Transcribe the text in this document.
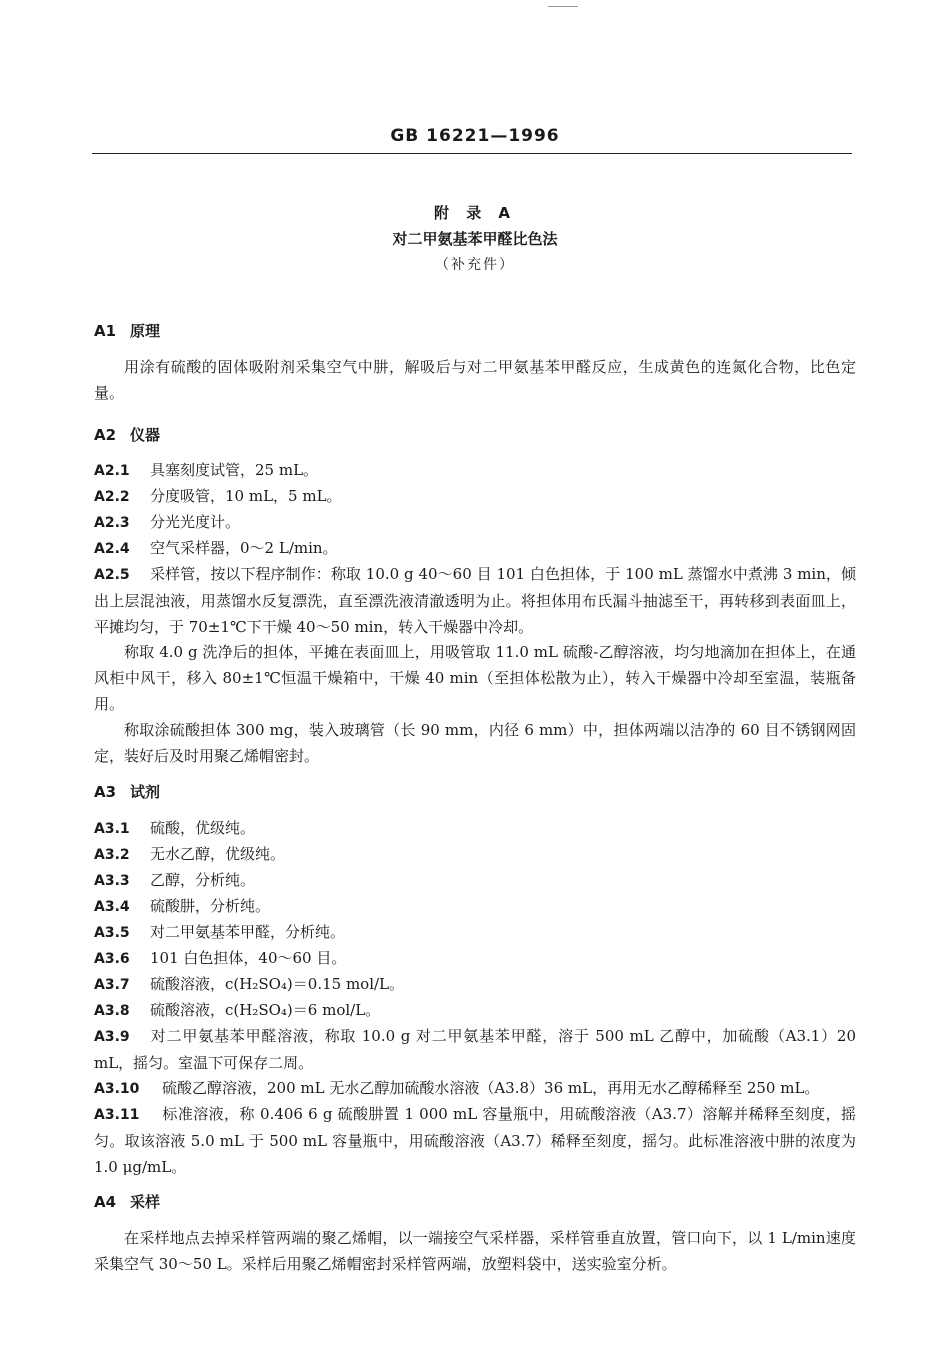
GB 16221—1996
附 录 A
对二甲氨基苯甲醛比色法
（补充件）
A1 原理
用涂有硫酸的固体吸附剂采集空气中肼，解吸后与对二甲氨基苯甲醛反应，生成黄色的连氮化合物，比色定量。
A2 仪器
A2.1 具塞刻度试管，25 mL。
A2.2 分度吸管，10 mL，5 mL。
A2.3 分光光度计。
A2.4 空气采样器，0～2 L/min。
A2.5 采样管，按以下程序制作：称取 10.0 g 40～60 目 101 白色担体，于 100 mL 蒸馏水中煮沸 3 min，倾出上层混浊液，用蒸馏水反复漂洗，直至漂洗液清澈透明为止。将担体用布氏漏斗抽滤至干，再转移到表面皿上，平摊均匀，于 70±1℃下干燥 40～50 min，转入干燥器中冷却。
称取 4.0 g 洗净后的担体，平摊在表面皿上，用吸管取 11.0 mL 硫酸-乙醇溶液，均匀地滴加在担体上，在通风柜中风干，移入 80±1℃恒温干燥箱中，干燥 40 min（至担体松散为止），转入干燥器中冷却至室温，装瓶备用。
称取涂硫酸担体 300 mg，装入玻璃管（长 90 mm，内径 6 mm）中，担体两端以洁净的 60 目不锈钢网固定，装好后及时用聚乙烯帽密封。
A3 试剂
A3.1 硫酸，优级纯。
A3.2 无水乙醇，优级纯。
A3.3 乙醇，分析纯。
A3.4 硫酸肼，分析纯。
A3.5 对二甲氨基苯甲醛，分析纯。
A3.6 101 白色担体，40～60 目。
A3.7 硫酸溶液，c(H₂SO₄)＝0.15 mol/L。
A3.8 硫酸溶液，c(H₂SO₄)＝6 mol/L。
A3.9 对二甲氨基苯甲醛溶液，称取 10.0 g 对二甲氨基苯甲醛，溶于 500 mL 乙醇中，加硫酸（A3.1）20 mL，摇匀。室温下可保存二周。
A3.10 硫酸乙醇溶液，200 mL 无水乙醇加硫酸水溶液（A3.8）36 mL，再用无水乙醇稀释至 250 mL。
A3.11 标准溶液，称 0.406 6 g 硫酸肼置 1 000 mL 容量瓶中，用硫酸溶液（A3.7）溶解并稀释至刻度，摇匀。取该溶液 5.0 mL 于 500 mL 容量瓶中，用硫酸溶液（A3.7）稀释至刻度，摇匀。此标准溶液中肼的浓度为 1.0 μg/mL。
A4 采样
在采样地点去掉采样管两端的聚乙烯帽，以一端接空气采样器，采样管垂直放置，管口向下，以 1 L/min速度采集空气 30～50 L。采样后用聚乙烯帽密封采样管两端，放塑料袋中，送实验室分析。
